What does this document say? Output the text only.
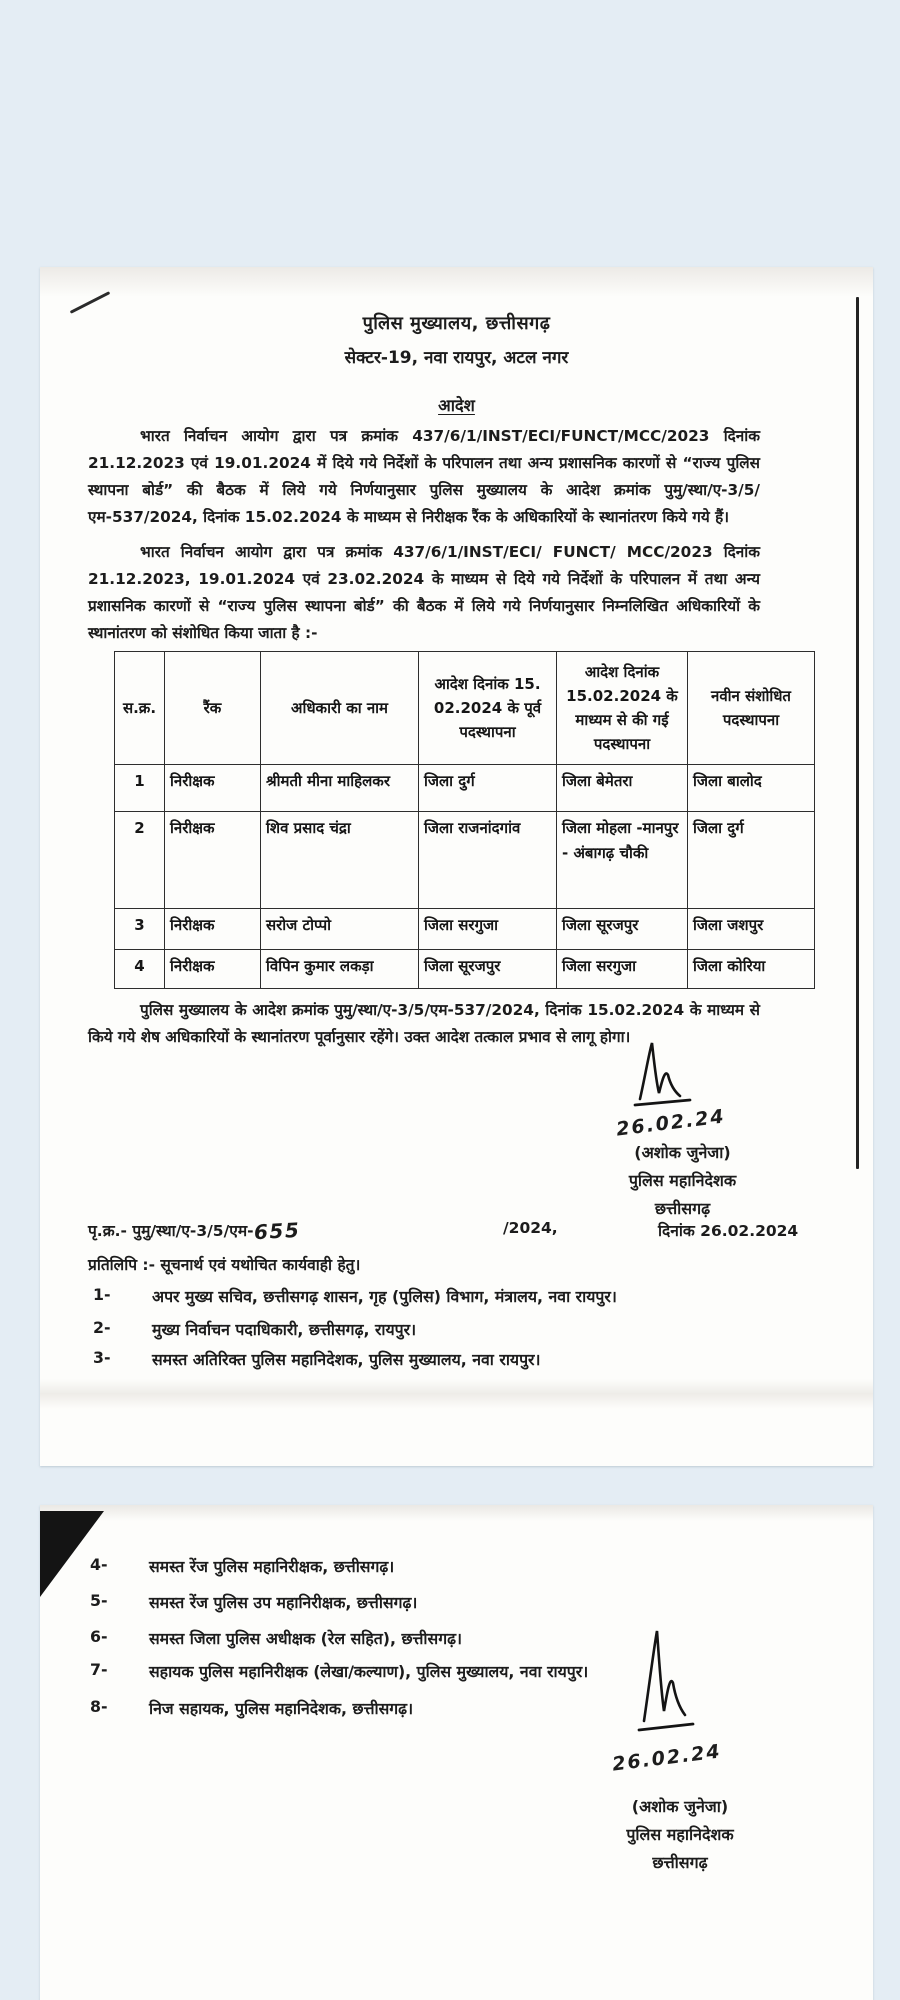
पुलिस मुख्यालय, छत्तीसगढ़
सेक्टर-19, नवा रायपुर, अटल नगर
आदेश
भारत निर्वाचन आयोग द्वारा पत्र क्रमांक 437/6/1/INST/ECI/FUNCT/MCC/2023 दिनांक 21.12.2023 एवं 19.01.2024 में दिये गये निर्देशों के परिपालन तथा अन्य प्रशासनिक कारणों से “राज्य पुलिस स्थापना बोर्ड” की बैठक में लिये गये निर्णयानुसार पुलिस मुख्यालय के आदेश क्रमांक पुमु/स्था/ए-3/5/एम-537/2024, दिनांक 15.02.2024 के माध्यम से निरीक्षक रैंक के अधिकारियों के स्थानांतरण किये गये हैं।
भारत निर्वाचन आयोग द्वारा पत्र क्रमांक 437/6/1/INST/ECI/ FUNCT/ MCC/2023 दिनांक 21.12.2023, 19.01.2024 एवं 23.02.2024 के माध्यम से दिये गये निर्देशों के परिपालन में तथा अन्य प्रशासनिक कारणों से “राज्य पुलिस स्थापना बोर्ड” की बैठक में लिये गये निर्णयानुसार निम्नलिखित अधिकारियों के स्थानांतरण को संशोधित किया जाता है :-
स.क्र.	रैंक	अधिकारी का नाम	आदेश दिनांक 15. 02.2024 के पूर्व पदस्थापना	आदेश दिनांक 15.02.2024 के माध्यम से की गई पदस्थापना	नवीन संशोधित पदस्थापना
1	निरीक्षक	श्रीमती मीना माहिलकर	जिला दुर्ग	जिला बेमेतरा	जिला बालोद
2	निरीक्षक	शिव प्रसाद चंद्रा	जिला राजनांदगांव	जिला मोहला -मानपुर - अंबागढ़ चौकी	जिला दुर्ग
3	निरीक्षक	सरोज टोप्पो	जिला सरगुजा	जिला सूरजपुर	जिला जशपुर
4	निरीक्षक	विपिन कुमार लकड़ा	जिला सूरजपुर	जिला सरगुजा	जिला कोरिया
पुलिस मुख्यालय के आदेश क्रमांक पुमु/स्था/ए-3/5/एम-537/2024, दिनांक 15.02.2024 के माध्यम से किये गये शेष अधिकारियों के स्थानांतरण पूर्वानुसार रहेंगे। उक्त आदेश तत्काल प्रभाव से लागू होगा।
26.02.24
(अशोक जुनेजा)
पुलिस महानिदेशक
छत्तीसगढ़
पृ.क्र.- पुमु/स्था/ए-3/5/एम-655	/2024,	दिनांक 26.02.2024
प्रतिलिपि :- सूचनार्थ एवं यथोचित कार्यवाही हेतु।
1-	अपर मुख्य सचिव, छत्तीसगढ़ शासन, गृह (पुलिस) विभाग, मंत्रालय, नवा रायपुर।
2-	मुख्य निर्वाचन पदाधिकारी, छत्तीसगढ़, रायपुर।
3-	समस्त अतिरिक्त पुलिस महानिदेशक, पुलिस मुख्यालय, नवा रायपुर।
4-	समस्त रेंज पुलिस महानिरीक्षक, छत्तीसगढ़।
5-	समस्त रेंज पुलिस उप महानिरीक्षक, छत्तीसगढ़।
6-	समस्त जिला पुलिस अधीक्षक (रेल सहित), छत्तीसगढ़।
7-	सहायक पुलिस महानिरीक्षक (लेखा/कल्याण), पुलिस मुख्यालय, नवा रायपुर।
8-	निज सहायक, पुलिस महानिदेशक, छत्तीसगढ़।
26.02.24
(अशोक जुनेजा)
पुलिस महानिदेशक
छत्तीसगढ़
